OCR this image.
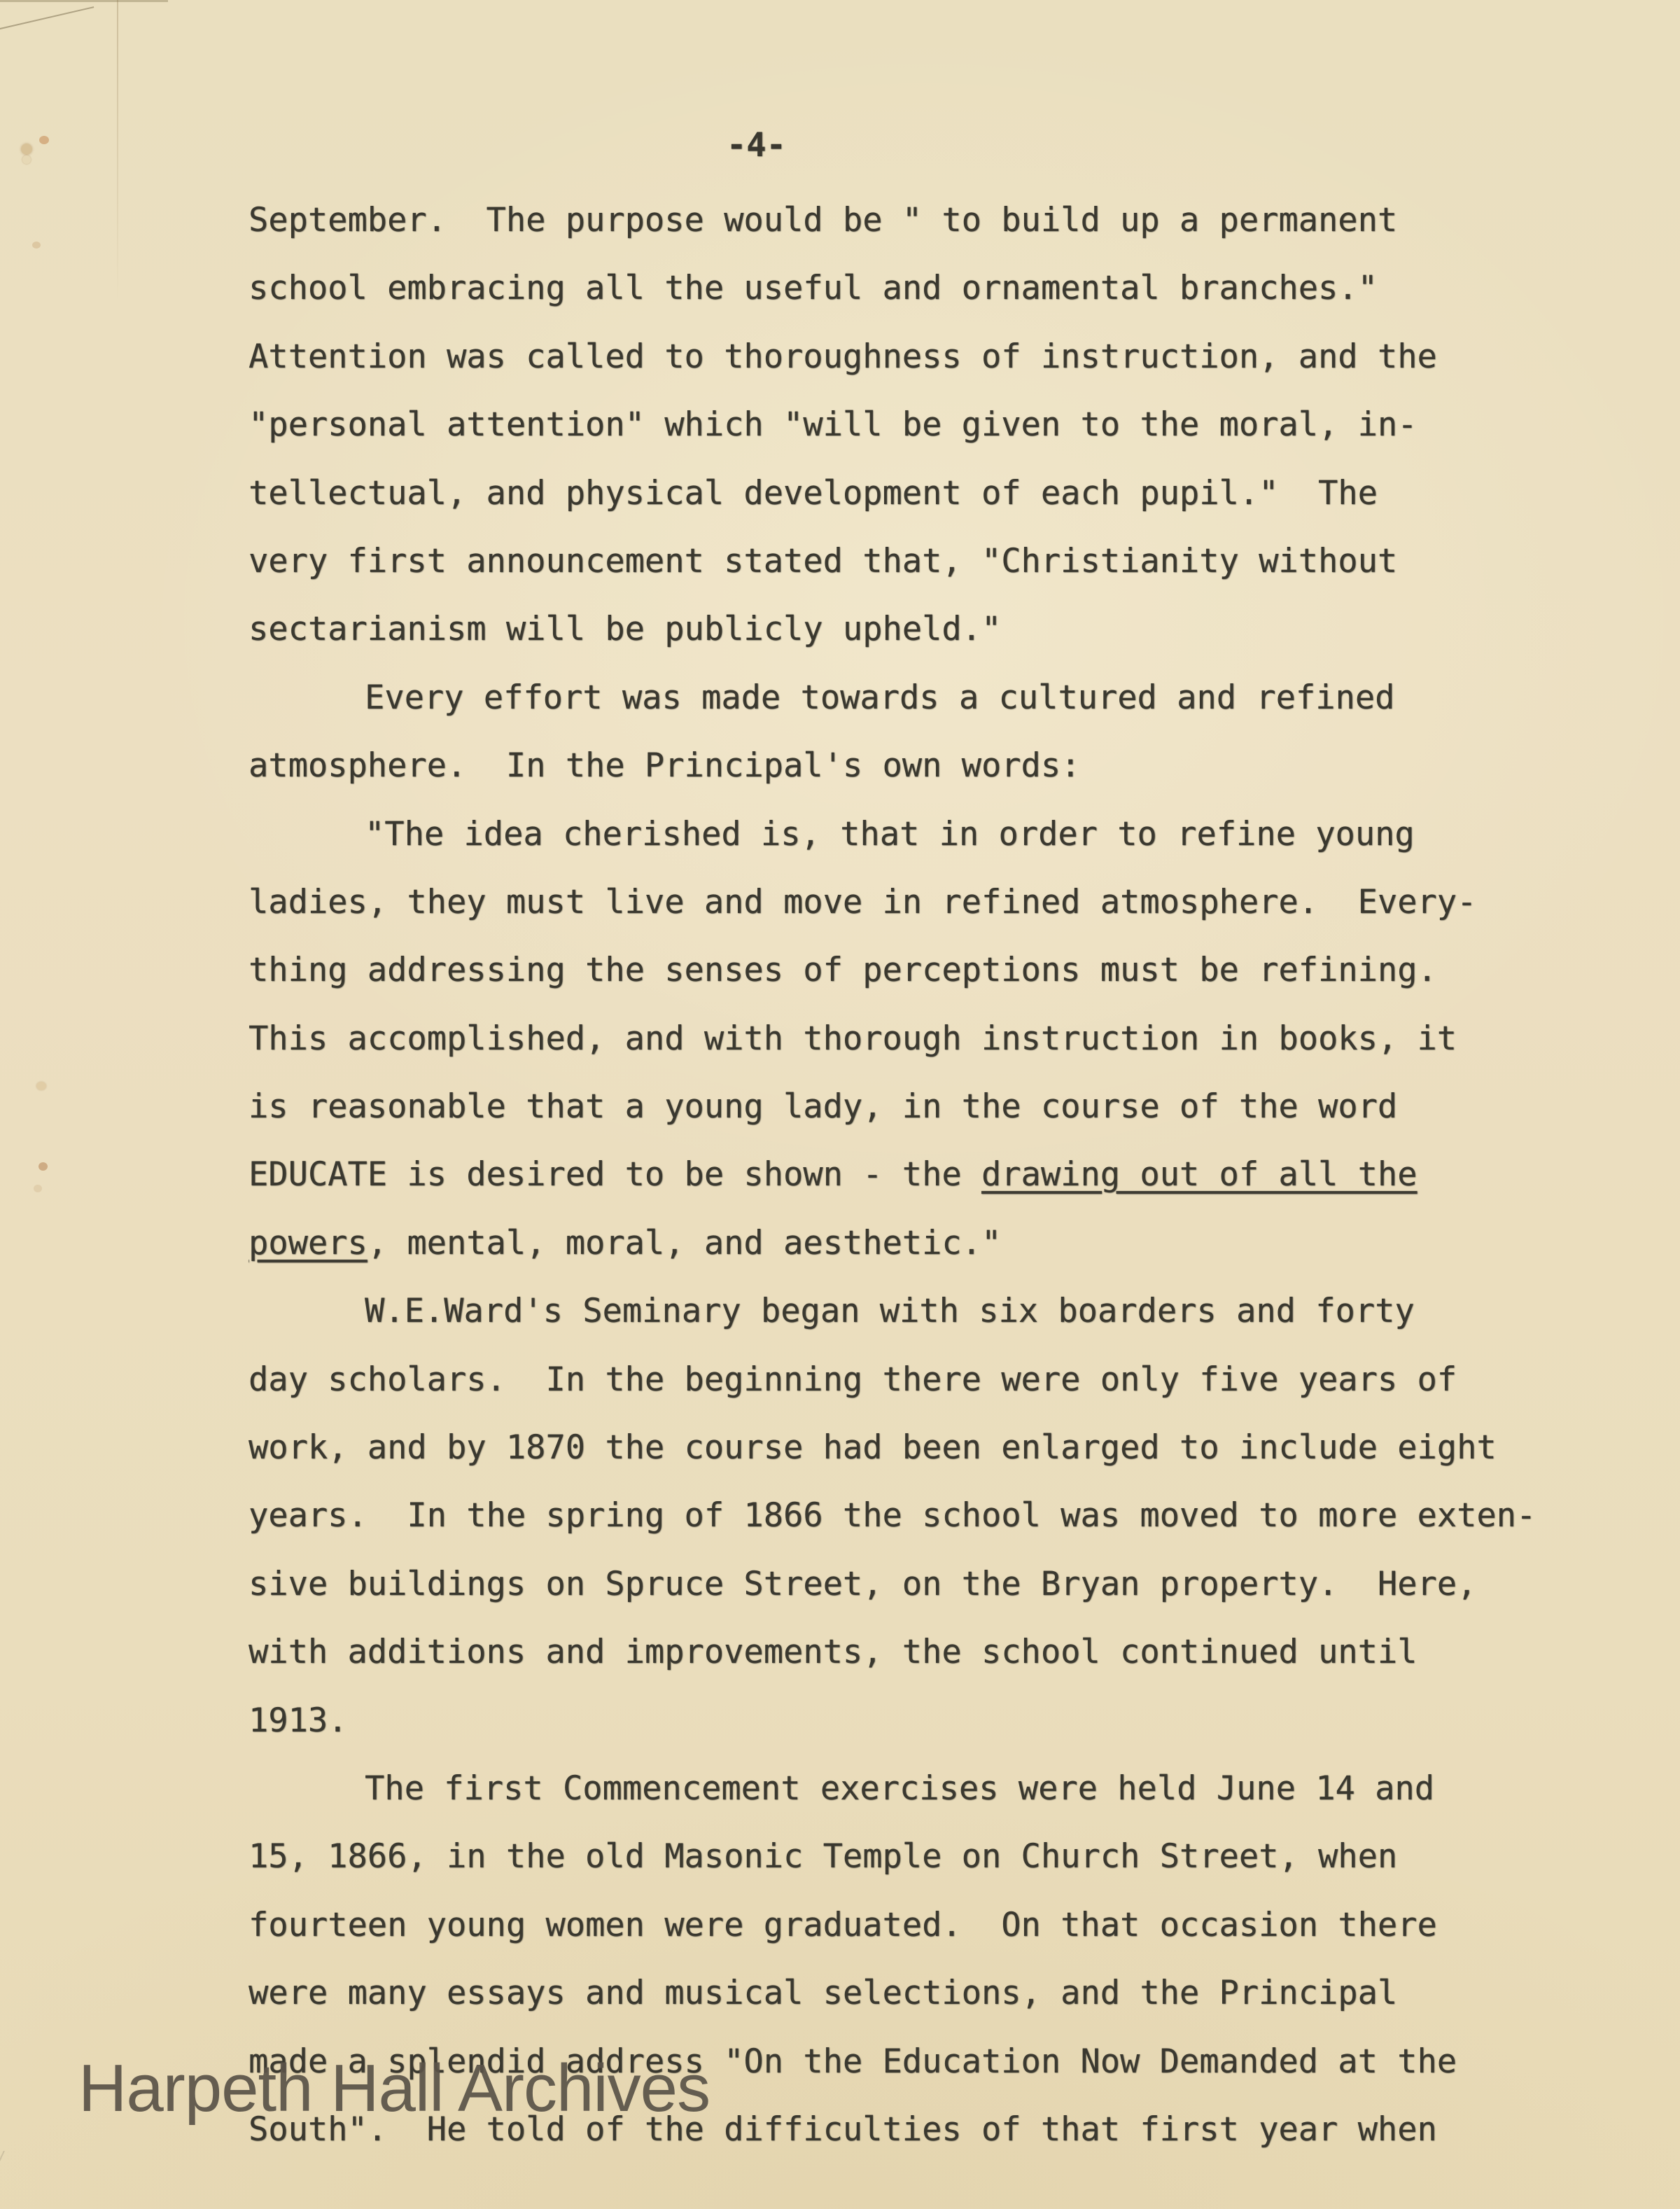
-4-
September.  The purpose would be " to build up a permanent
school embracing all the useful and ornamental branches."
Attention was called to thoroughness of instruction, and the
"personal attention" which "will be given to the moral, in-
tellectual, and physical development of each pupil."  The
very first announcement stated that, "Christianity without
sectarianism will be publicly upheld."
Every effort was made towards a cultured and refined
atmosphere.  In the Principal's own words:
"The idea cherished is, that in order to refine young
ladies, they must live and move in refined atmosphere.  Every-
thing addressing the senses of perceptions must be refining.
This accomplished, and with thorough instruction in books, it
is reasonable that a young lady, in the course of the word
EDUCATE is desired to be shown - the drawing out of all the
powers, mental, moral, and aesthetic."
W.E.Ward's Seminary began with six boarders and forty
day scholars.  In the beginning there were only five years of
work, and by 1870 the course had been enlarged to include eight
years.  In the spring of 1866 the school was moved to more exten-
sive buildings on Spruce Street, on the Bryan property.  Here,
with additions and improvements, the school continued until
1913.
The first Commencement exercises were held June 14 and
15, 1866, in the old Masonic Temple on Church Street, when
fourteen young women were graduated.  On that occasion there
were many essays and musical selections, and the Principal
made a splendid address "On the Education Now Demanded at the
South".  He told of the difficulties of that first year when
Harpeth Hall Archives
